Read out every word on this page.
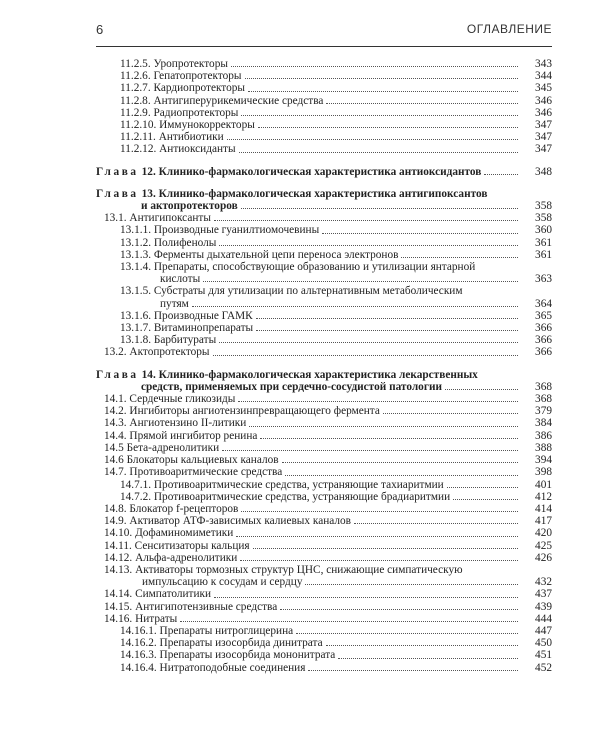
6	ОГЛАВЛЕНИЕ
11.2.5. Уропротекторы	343
11.2.6. Гепатопротекторы	344
11.2.7. Кардиопротекторы	345
11.2.8. Антигиперурикемические средства	346
11.2.9. Радиопротекторы	346
11.2.10. Иммунокорректоры	347
11.2.11. Антибиотики	347
11.2.12. Антиоксиданты	347
Глава 12. Клинико-фармакологическая характеристика антиоксидантов	348
Глава 13. Клинико-фармакологическая характеристика антигипоксантов
и актопротекторов	358
13.1. Антигипоксанты	358
13.1.1. Производные гуанилтиомочевины	360
13.1.2. Полифенолы	361
13.1.3. Ферменты дыхательной цепи переноса электронов	361
13.1.4. Препараты, способствующие образованию и утилизации янтарной
кислоты	363
13.1.5. Субстраты для утилизации по альтернативным метаболическим
путям	364
13.1.6. Производные ГАМК	365
13.1.7. Витаминопрепараты	366
13.1.8. Барбитураты	366
13.2. Актопротекторы	366
Глава 14. Клинико-фармакологическая характеристика лекарственных
средств, применяемых при сердечно-сосудистой патологии	368
14.1. Сердечные гликозиды	368
14.2. Ингибиторы ангиотензинпревращающего фермента	379
14.3. Ангиотензино II-литики	384
14.4. Прямой ингибитор ренина	386
14.5 Бета-адренолитики	388
14.6 Блокаторы кальциевых каналов	394
14.7. Противоаритмические средства	398
14.7.1. Противоаритмические средства, устраняющие тахиаритмии	401
14.7.2. Противоаритмические средства, устраняющие брадиаритмии	412
14.8. Блокатор f-рецепторов	414
14.9. Активатор АТФ-зависимых калиевых каналов	417
14.10. Дофаминомиметики	420
14.11. Сенситизаторы кальция	425
14.12. Альфа-адренолитики	426
14.13. Активаторы тормозных структур ЦНС, снижающие симпатическую
импульсацию к сосудам и сердцу	432
14.14. Симпатолитики	437
14.15. Антигипотензивные средства	439
14.16. Нитраты	444
14.16.1. Препараты нитроглицерина	447
14.16.2. Препараты изосорбида динитрата	450
14.16.3. Препараты изосорбида мононитрата	451
14.16.4. Нитратоподобные соединения	452
